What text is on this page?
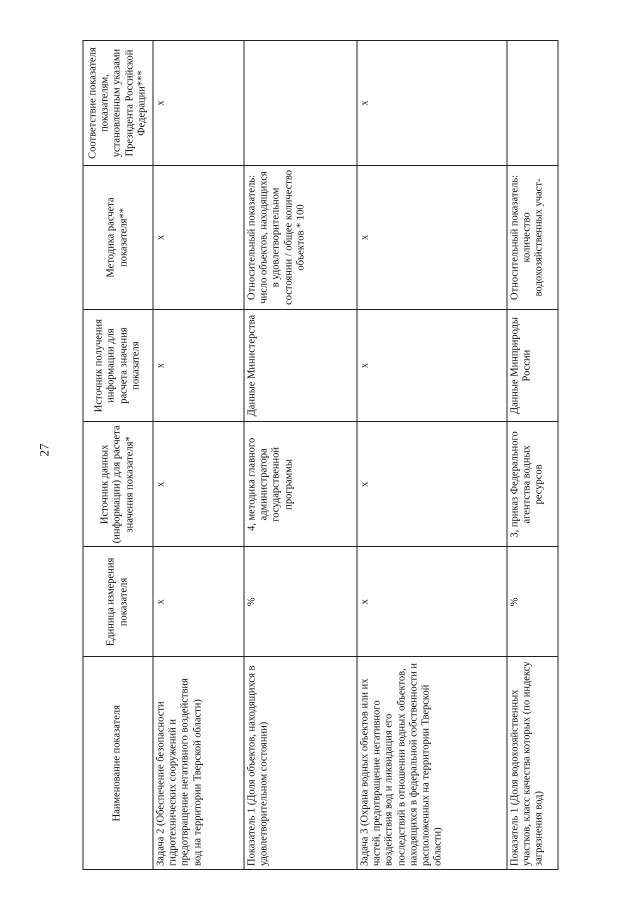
27
Наименование показателя	Единица измерения показателя	Источник данных (информации) для расчета значения показателя*	Источник получения информации для расчета значения показателя	Методика расчета показателя**	Соответствие показателя показателям, установленным указами Президента Российской Федерации***
Задача 2 (Обеспечение безопасности гидротехнических сооружений и предотвращение негативного воздействия вод на территории Тверской области)	х	х	х	х	х
Показатель 1 (Доля объектов, находящихся в удовлетворительном состоянии)	%	4, методика главного администратора государственной программы	Данные Министерства	Относительный показатель: число объектов, находящихся в удовлетворительном состоянии / общее количество объектов * 100	
Задача 3 (Охрана водных объектов или их частей, предотвращение негативного воздействия вод и ликвидация его последствий в отношении водных объектов, находящихся в федеральной собственности и расположенных на территории Тверской области)	х	х	х	х	х
Показатель 1 (Доля водохозяйственных участков, класс качества которых (по индексу загрязнения вод)	%	3, приказ Федерального агентства водных ресурсов	Данные Минприроды России	Относительный показатель: количество водохозяйственных участ-	
